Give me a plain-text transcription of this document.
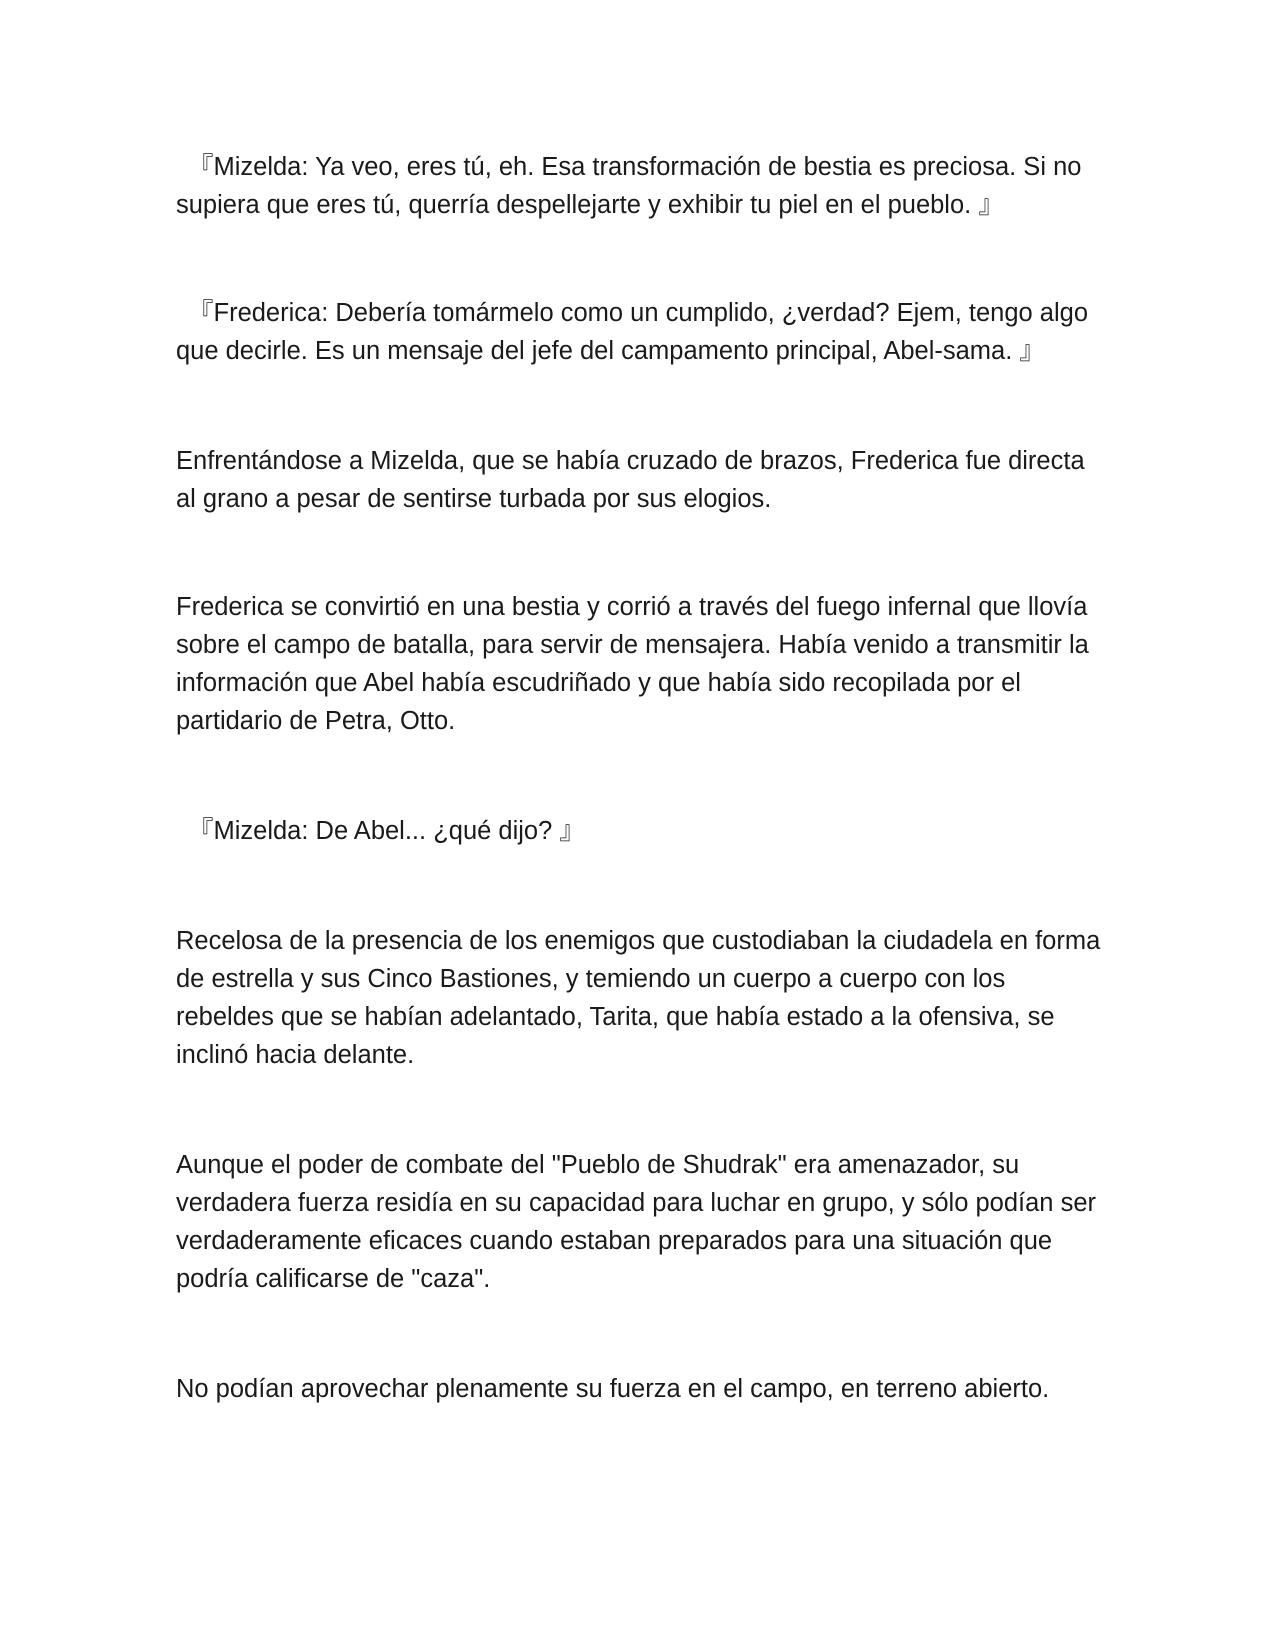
『Mizelda: Ya veo, eres tú, eh. Esa transformación de bestia es preciosa. Si no supiera que eres tú, querría despellejarte y exhibir tu piel en el pueblo. 』

『Frederica: Debería tomármelo como un cumplido, ¿verdad? Ejem, tengo algo que decirle. Es un mensaje del jefe del campamento principal, Abel-sama. 』

Enfrentándose a Mizelda, que se había cruzado de brazos, Frederica fue directa al grano a pesar de sentirse turbada por sus elogios.

Frederica se convirtió en una bestia y corrió a través del fuego infernal que llovía sobre el campo de batalla, para servir de mensajera. Había venido a transmitir la información que Abel había escudriñado y que había sido recopilada por el partidario de Petra, Otto.

『Mizelda: De Abel... ¿qué dijo? 』

Recelosa de la presencia de los enemigos que custodiaban la ciudadela en forma de estrella y sus Cinco Bastiones, y temiendo un cuerpo a cuerpo con los rebeldes que se habían adelantado, Tarita, que había estado a la ofensiva, se inclinó hacia delante.

Aunque el poder de combate del "Pueblo de Shudrak" era amenazador, su verdadera fuerza residía en su capacidad para luchar en grupo, y sólo podían ser verdaderamente eficaces cuando estaban preparados para una situación que podría calificarse de "caza".

No podían aprovechar plenamente su fuerza en el campo, en terreno abierto.
